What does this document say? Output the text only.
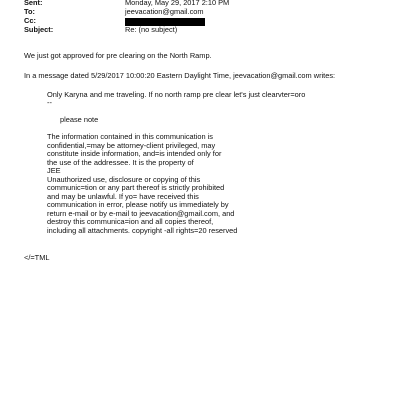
Sent:	Monday, May 29, 2017 2:10 PM
To:	jeevacation@gmail.com
Cc:
Subject:	Re: (no subject)
We just got approved for pre clearing on the North Ramp.
In a message dated 5/29/2017 10:00:20 Eastern Daylight Time, jeevacation@gmail.com writes:
Only Karyna and me traveling. If no north ramp pre clear let's just clearvter=oro
--
please note
The information contained in this communication is
confidential,=may be attorney-client privileged, may
constitute inside information, and=is intended only for
the use of the addressee. It is the property of
JEE
Unauthorized use, disclosure or copying of this
communic=tion or any part thereof is strictly prohibited
and may be unlawful. If yo= have received this
communication in error, please notify us immediately by
return e-mail or by e-mail to jeevacation@gmail.com, and
destroy this communica=ion and all copies thereof,
including all attachments. copyright -all rights=20 reserved
</=TML
